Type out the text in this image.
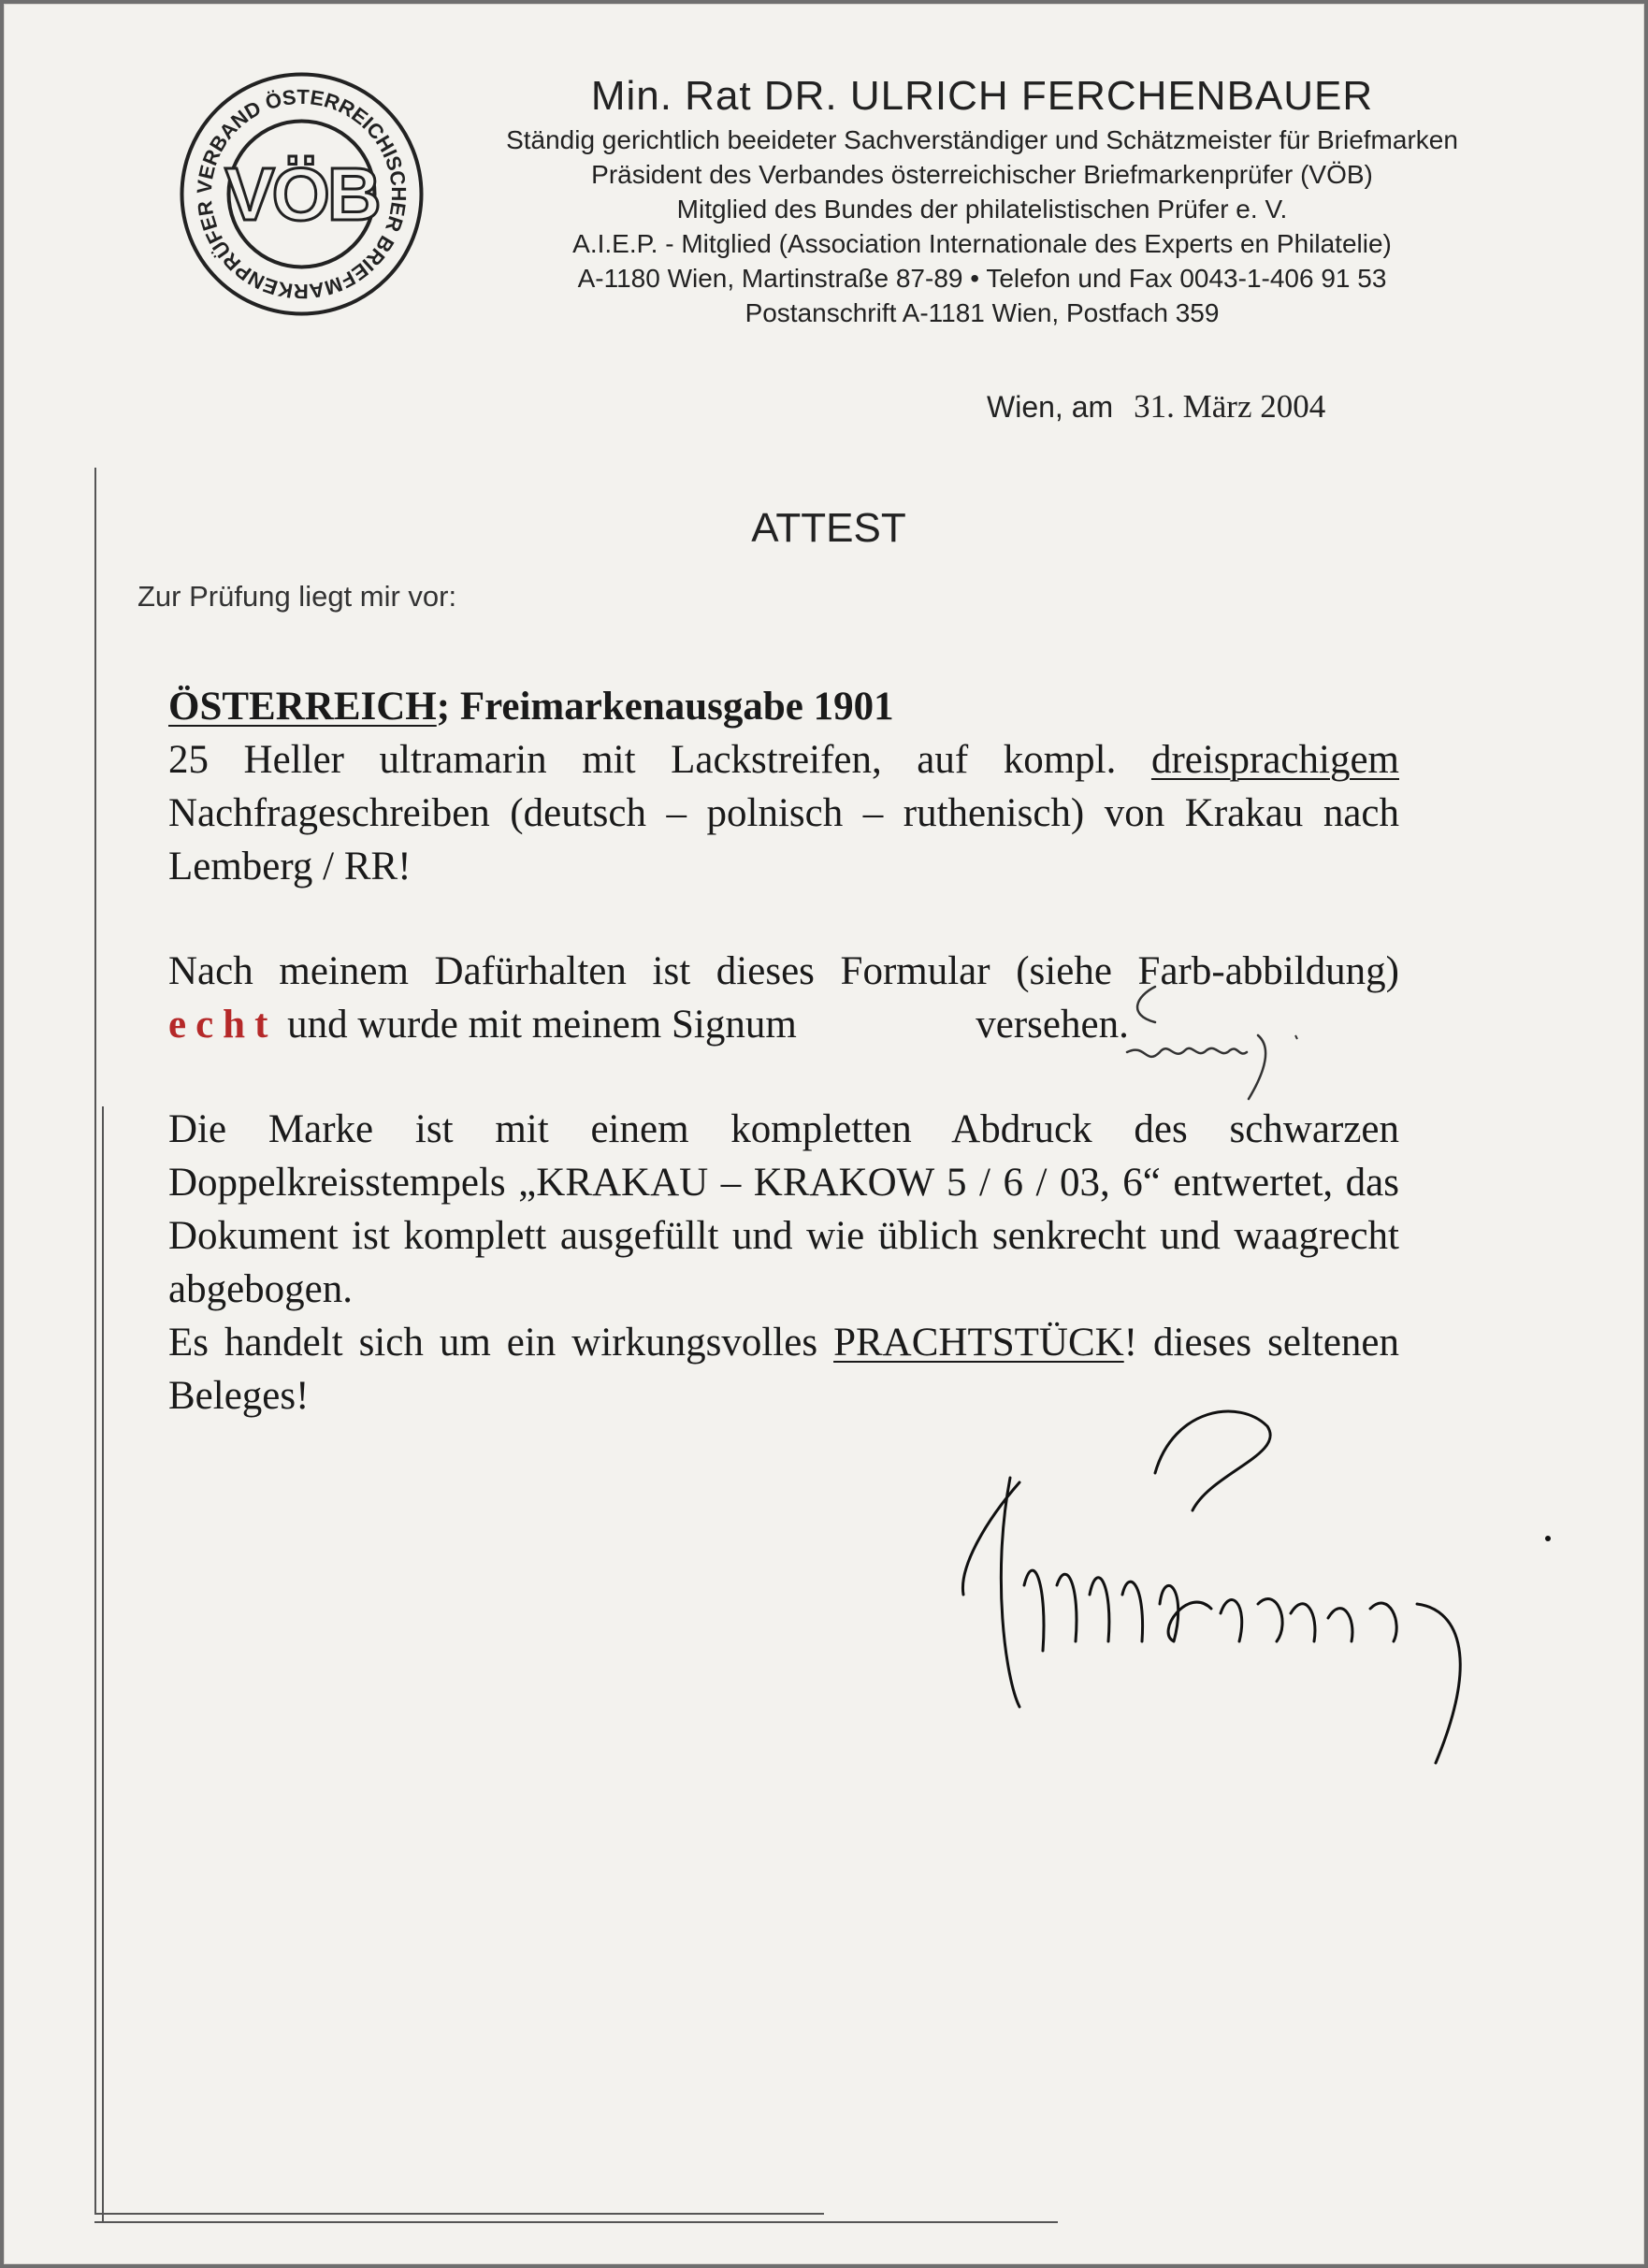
VERBAND ÖSTERREICHISCHER BRIEFMARKENPRÜFER VÖB
Min. Rat DR. ULRICH FERCHENBAUER
Ständig gerichtlich beeideter Sachverständiger und Schätzmeister für Briefmarken
Präsident des Verbandes österreichischer Briefmarkenprüfer (VÖB)
Mitglied des Bundes der philatelistischen Prüfer e. V.
A.I.E.P. - Mitglied (Association Internationale des Experts en Philatelie)
A-1180 Wien, Martinstraße 87-89 • Telefon und Fax 0043-1-406 91 53
Postanschrift A-1181 Wien, Postfach 359
Wien, am 31. März 2004
ATTEST
Zur Prüfung liegt mir vor:

ÖSTERREICH; Freimarkenausgabe 1901

25 Heller ultramarin mit Lackstreifen, auf kompl. dreisprachigem Nachfrageschreiben (deutsch – polnisch – ruthenisch) von Krakau nach Lemberg / RR!

Nach meinem Dafürhalten ist dieses Formular (siehe Farb-abbildung) echt und wurde mit meinem Signum	versehen.

Die Marke ist mit einem kompletten Abdruck des schwarzen Doppelkreisstempels „KRAKAU – KRAKOW 5 / 6 / 03, 6“ entwertet, das Dokument ist komplett ausgefüllt und wie üblich senkrecht und waagrecht abgebogen.

Es handelt sich um ein wirkungsvolles PRACHTSTÜCK! dieses seltenen Beleges!
